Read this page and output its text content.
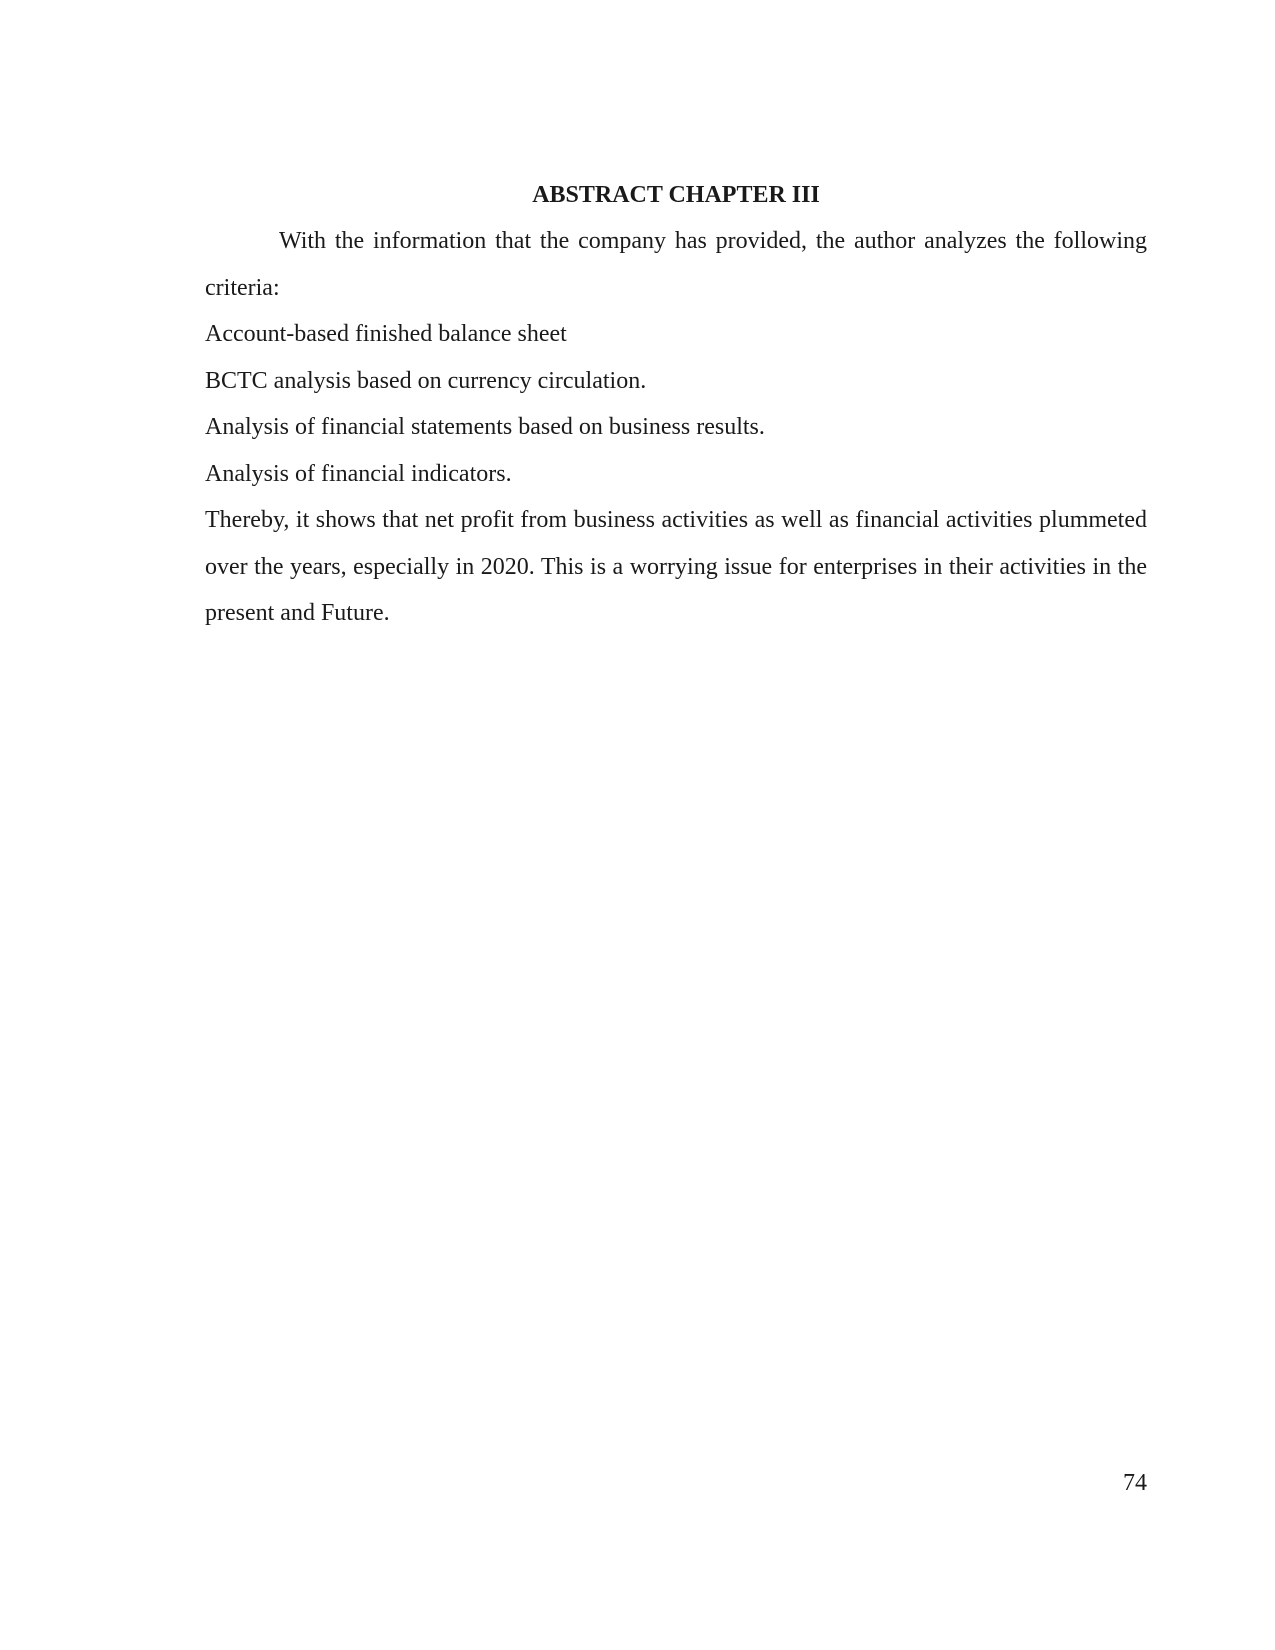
ABSTRACT CHAPTER III

With the information that the company has provided, the author analyzes the following criteria:

Account-based finished balance sheet

BCTC analysis based on currency circulation.

Analysis of financial statements based on business results.

Analysis of financial indicators.

Thereby, it shows that net profit from business activities as well as financial activities plummeted over the years, especially in 2020. This is a worrying issue for enterprises in their activities in the present and Future.

74
